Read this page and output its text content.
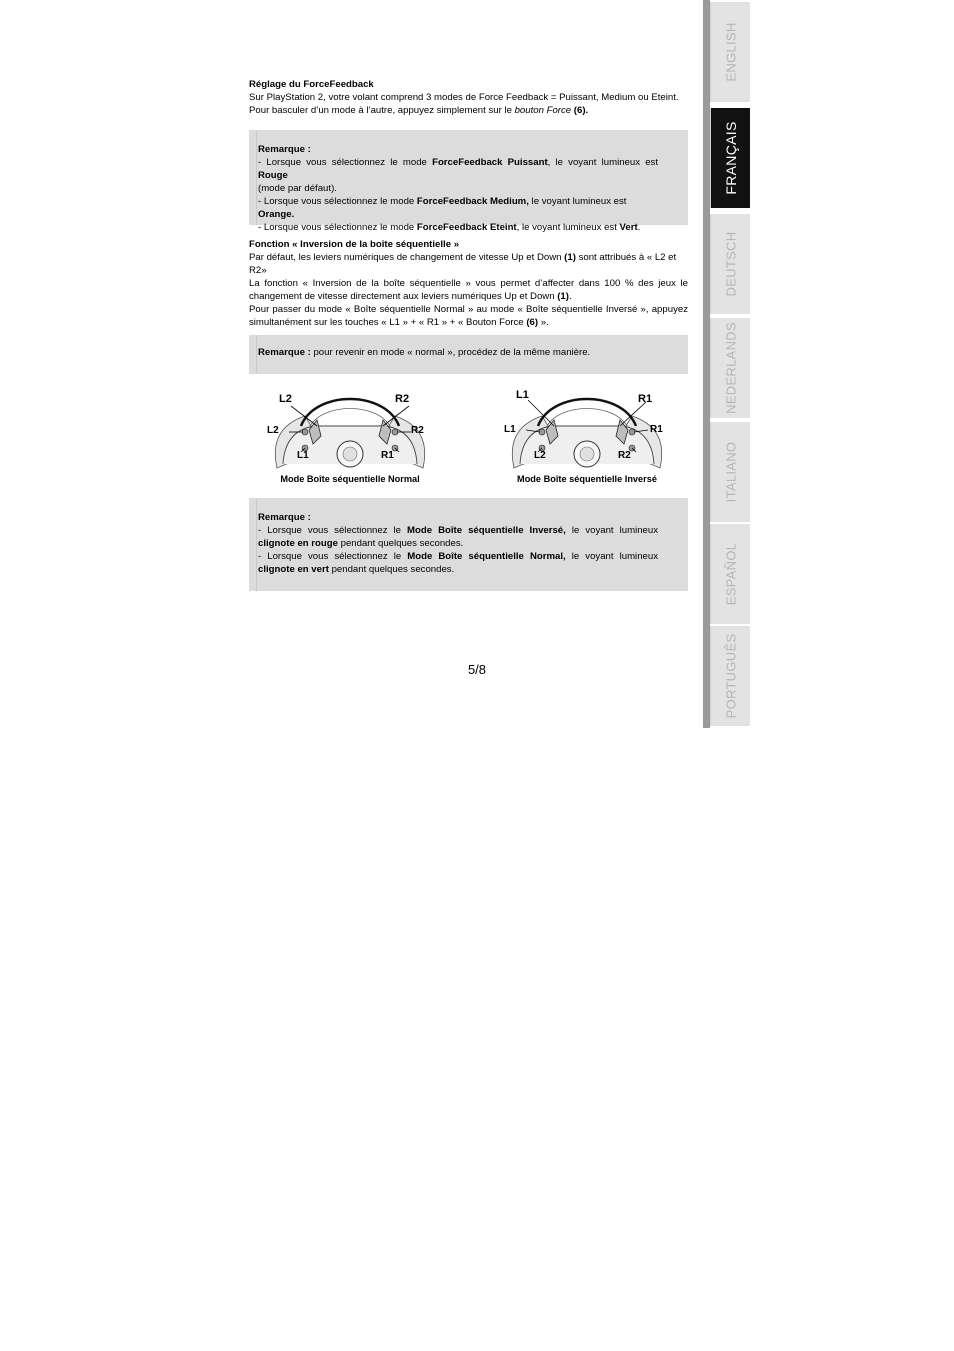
Réglage du ForceFeedback
Sur PlayStation 2, votre volant comprend 3 modes de Force Feedback = Puissant, Medium ou Eteint.
Pour basculer d’un mode à l’autre, appuyez simplement sur le bouton Force (6).
Remarque :
- Lorsque vous sélectionnez le mode ForceFeedback Puissant, le voyant lumineux est Rouge
(mode par défaut).
- Lorsque vous sélectionnez le mode ForceFeedback Medium, le voyant lumineux est Orange.
- Lorsque vous sélectionnez le mode ForceFeedback Eteint, le voyant lumineux est Vert.
Fonction « Inversion de la boîte séquentielle »
Par défaut, les leviers numériques de changement de vitesse Up et Down (1) sont attribués à « L2 et R2»
La fonction « Inversion de la boîte séquentielle » vous permet d’affecter dans 100 % des jeux le changement de vitesse directement aux leviers numériques Up et Down (1).
Pour passer du mode « Boîte séquentielle Normal » au mode « Boîte séquentielle Inversé », appuyez simultanément sur les touches « L1 » + « R1 » + « Bouton Force (6) ».
Remarque : pour revenir en mode « normal », procédez de la même manière.
L2	R2
L2	R2
L1	R1
Mode Boîte séquentielle Normal
L1	R1
L1	R1
L2	R2
Mode Boîte séquentielle Inversé
Remarque :
- Lorsque vous sélectionnez le Mode Boîte séquentielle Inversé, le voyant lumineux clignote en rouge pendant quelques secondes.
- Lorsque vous sélectionnez le Mode Boîte séquentielle Normal, le voyant lumineux clignote en vert pendant quelques secondes.
5/8
ENGLISH
FRANÇAIS
DEUTSCH
NEDERLANDS
ITALIANO
ESPAÑOL
PORTUGUÊS
